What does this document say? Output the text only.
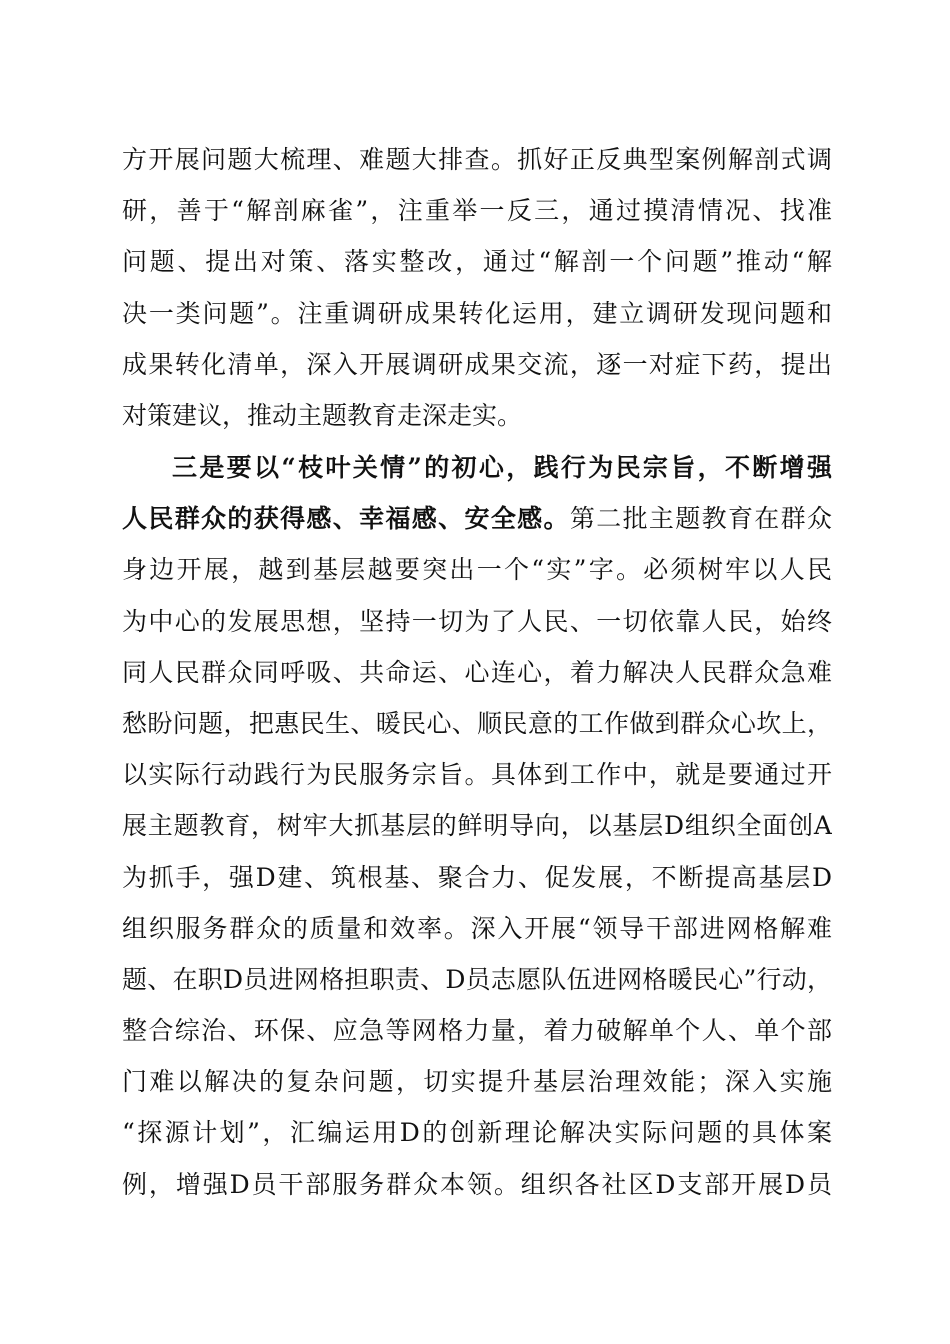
方开展问题大梳理、难题大排查。抓好正反典型案例解剖式调
研，善于“解剖麻雀”，注重举一反三，通过摸清情况、找准
问题、提出对策、落实整改，通过“解剖一个问题”推动“解
决一类问题”。注重调研成果转化运用，建立调研发现问题和
成果转化清单，深入开展调研成果交流，逐一对症下药，提出
对策建议，推动主题教育走深走实。
三是要以“枝叶关情”的初心，践行为民宗旨，不断增强
人民群众的获得感、幸福感、安全感。第二批主题教育在群众
身边开展，越到基层越要突出一个“实”字。必须树牢以人民
为中心的发展思想，坚持一切为了人民、一切依靠人民，始终
同人民群众同呼吸、共命运、心连心，着力解决人民群众急难
愁盼问题，把惠民生、暖民心、顺民意的工作做到群众心坎上，
以实际行动践行为民服务宗旨。具体到工作中，就是要通过开
展主题教育，树牢大抓基层的鲜明导向，以基层D组织全面创A
为抓手，强D建、筑根基、聚合力、促发展，不断提高基层D
组织服务群众的质量和效率。深入开展“领导干部进网格解难
题、在职D员进网格担职责、D员志愿队伍进网格暖民心”行动，
整合综治、环保、应急等网格力量，着力破解单个人、单个部
门难以解决的复杂问题，切实提升基层治理效能；深入实施
“探源计划”，汇编运用D的创新理论解决实际问题的具体案
例，增强D员干部服务群众本领。组织各社区D支部开展D员
